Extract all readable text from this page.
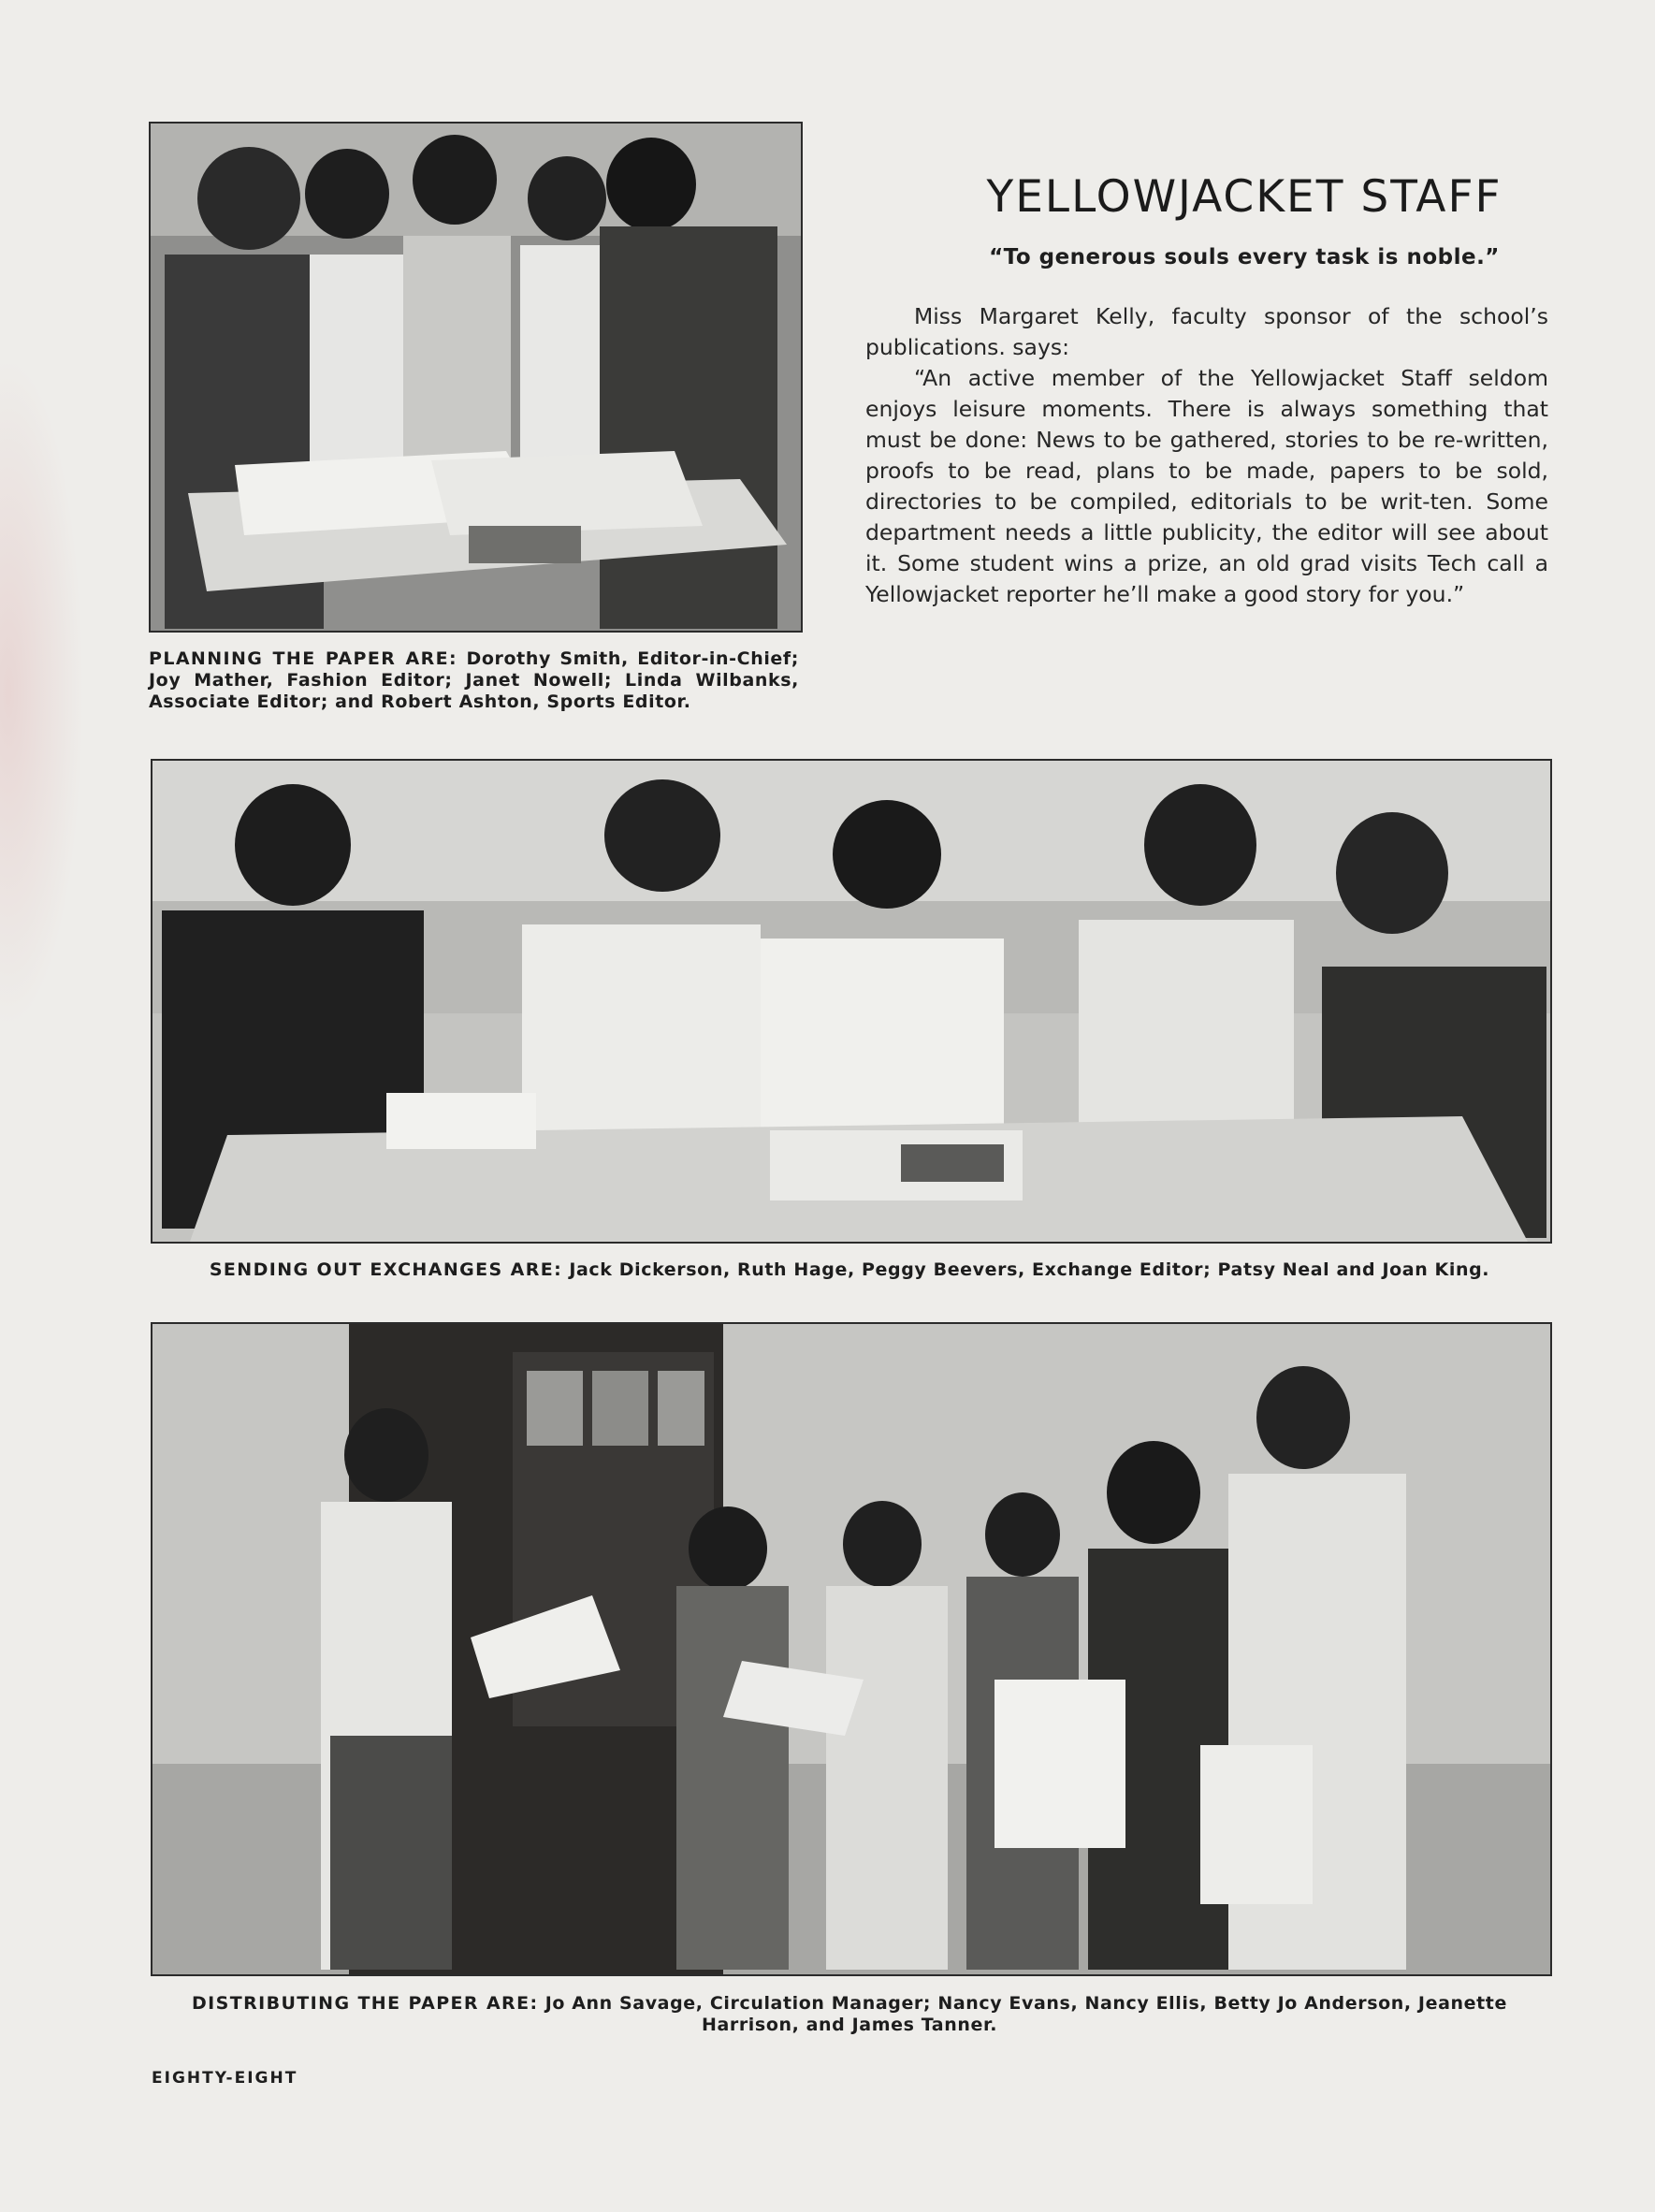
PLANNING THE PAPER ARE: Dorothy Smith, Editor-in-Chief; Joy Mather, Fashion Editor; Janet Nowell; Linda Wilbanks, Associate Editor; and Robert Ashton, Sports Editor.
YELLOWJACKET STAFF

“To generous souls every task is noble.”

Miss Margaret Kelly, faculty sponsor of the school’s publications. says:

“An active member of the Yellowjacket Staff seldom enjoys leisure moments. There is always something that must be done: News to be gathered, stories to be re-written, proofs to be read, plans to be made, papers to be sold, directories to be compiled, editorials to be writ-ten. Some department needs a little publicity, the editor will see about it. Some student wins a prize, an old grad visits Tech call a Yellowjacket reporter he’ll make a good story for you.”

SENDING OUT EXCHANGES ARE: Jack Dickerson, Ruth Hage, Peggy Beevers, Exchange Editor; Patsy Neal and Joan King.
DISTRIBUTING THE PAPER ARE: Jo Ann Savage, Circulation Manager; Nancy Evans, Nancy Ellis, Betty Jo Anderson, Jeanette Harrison, and James Tanner.
EIGHTY-EIGHT
